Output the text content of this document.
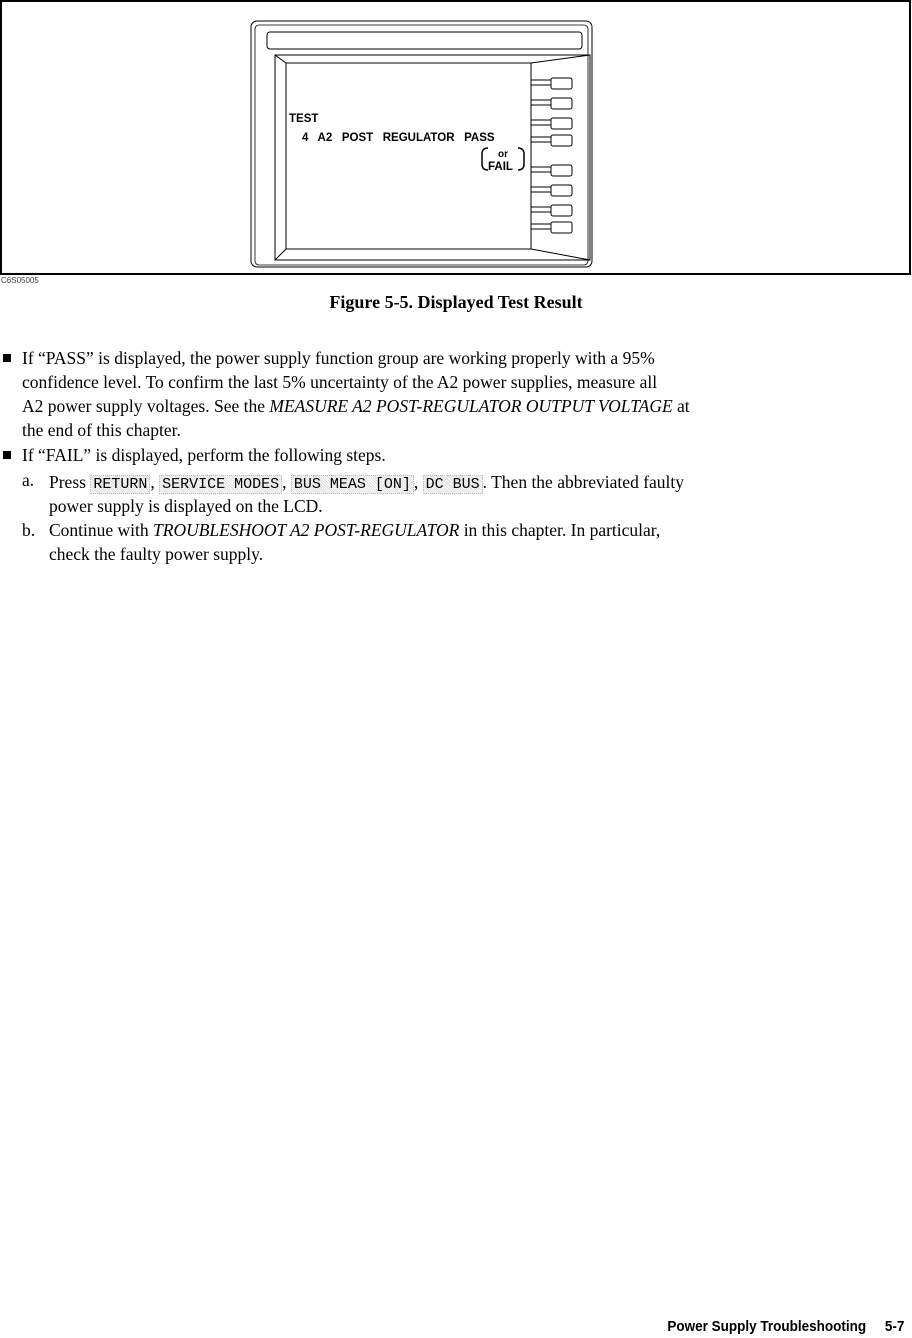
TEST
4   A2   POST   REGULATOR   PASS
or
FAIL
C6S05005
Figure 5-5. Displayed Test Result
If “PASS” is displayed, the power supply function group are working properly with a 95%
confidence level. To confirm the last 5% uncertainty of the A2 power supplies, measure all
A2 power supply voltages. See the MEASURE A2 POST-REGULATOR OUTPUT VOLTAGE at
the end of this chapter.
If “FAIL” is displayed, perform the following steps.
a. Press RETURN , SERVICE MODES , BUS MEAS [ON] , DC BUS . Then the abbreviated faulty
power supply is displayed on the LCD.
b. Continue with TROUBLESHOOT A2 POST-REGULATOR in this chapter. In particular,
check the faulty power supply.
Power Supply Troubleshooting     5-7
